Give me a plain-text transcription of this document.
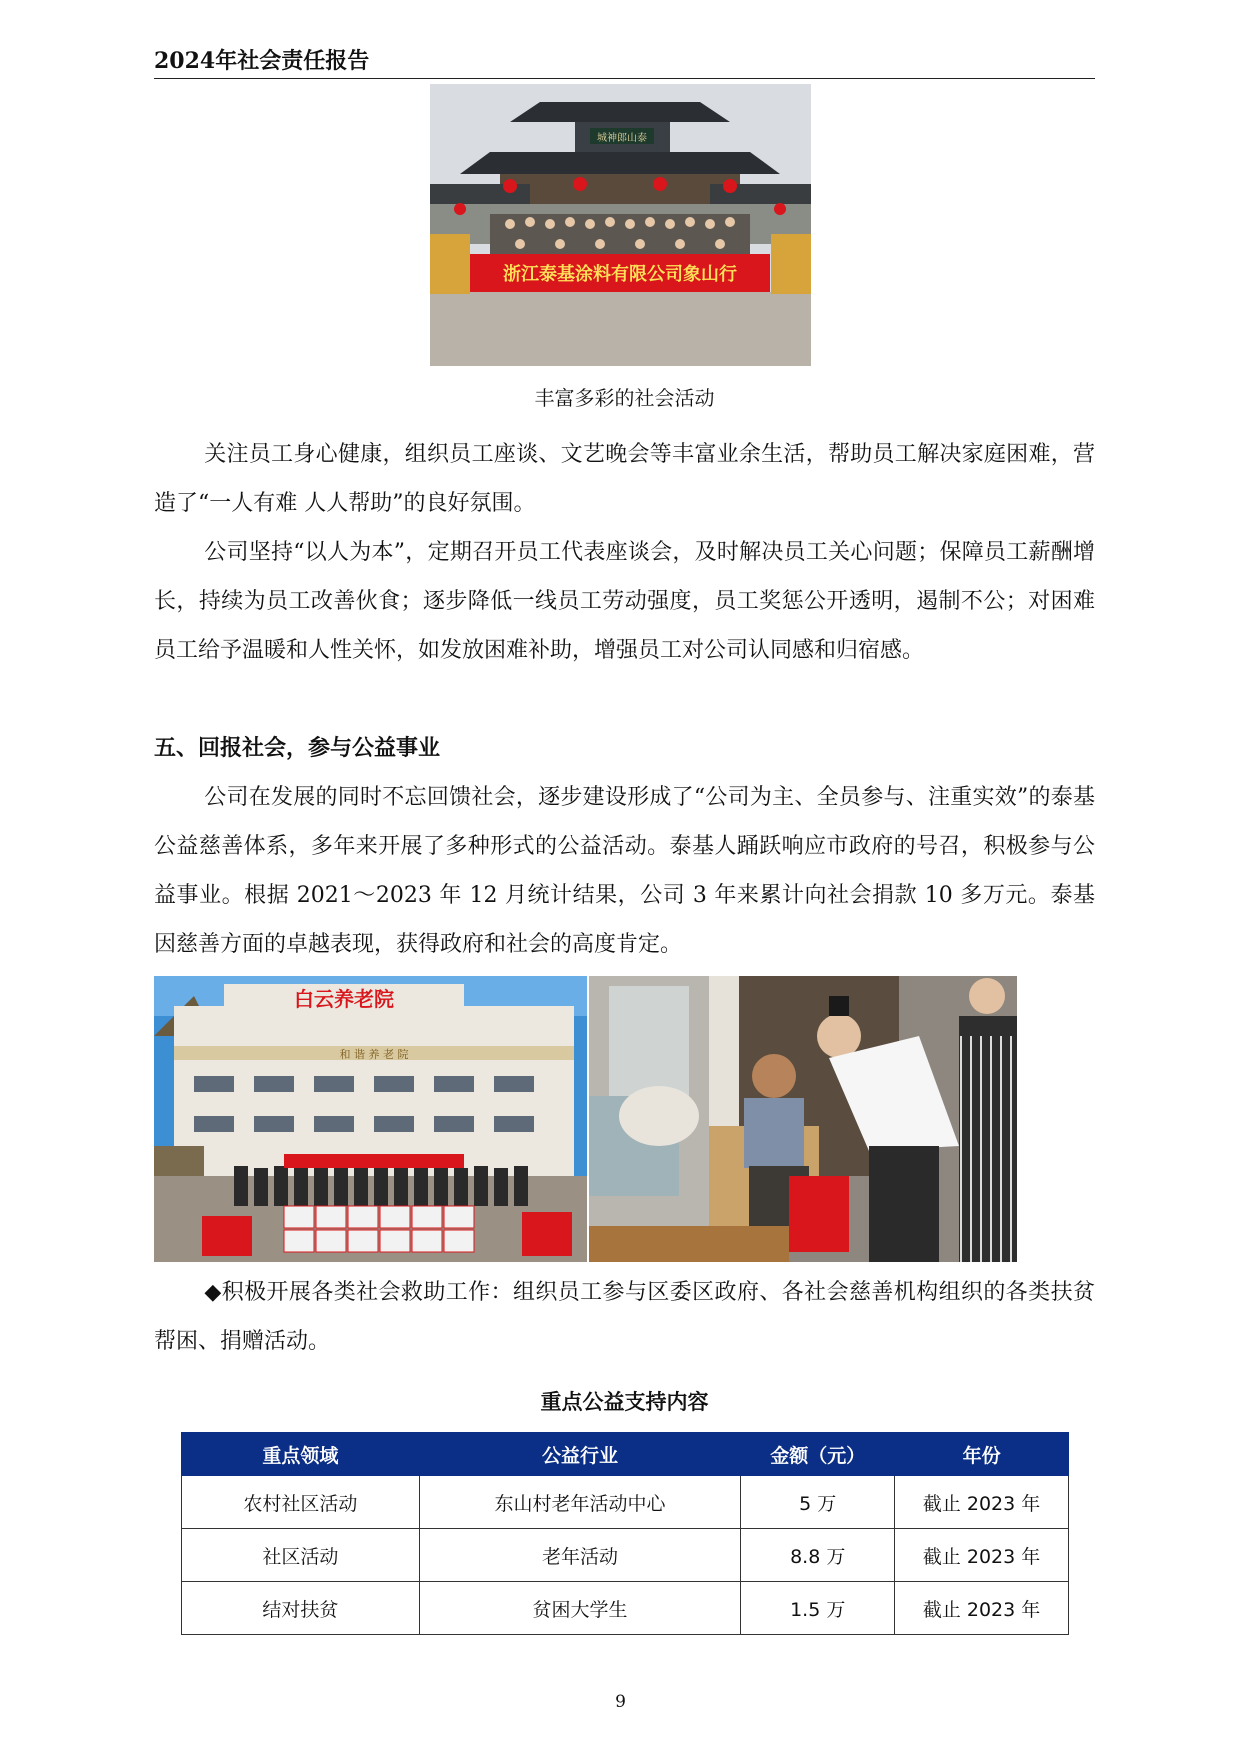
2024年社会责任报告
城神郎山泰
浙江泰基涂料有限公司象山行
丰富多彩的社会活动

关注员工身心健康，组织员工座谈、文艺晚会等丰富业余生活，帮助员工解决家庭困难，营造了“一人有难 人人帮助”的良好氛围。

公司坚持“以人为本”，定期召开员工代表座谈会，及时解决员工关心问题；保障员工薪酬增长，持续为员工改善伙食；逐步降低一线员工劳动强度，员工奖惩公开透明，遏制不公；对困难员工给予温暖和人性关怀，如发放困难补助，增强员工对公司认同感和归宿感。

五、回报社会，参与公益事业

公司在发展的同时不忘回馈社会，逐步建设形成了“公司为主、全员参与、注重实效”的泰基公益慈善体系，多年来开展了多种形式的公益活动。泰基人踊跃响应市政府的号召，积极参与公益事业。根据 2021～2023 年 12 月统计结果，公司 3 年来累计向社会捐款 10 多万元。泰基因慈善方面的卓越表现，获得政府和社会的高度肯定。

白云养老院
和 谐 养 老 院

◆积极开展各类社会救助工作：组织员工参与区委区政府、各社会慈善机构组织的各类扶贫帮困、捐赠活动。

重点公益支持内容
重点领域	公益行业	金额（元）	年份
农村社区活动	东山村老年活动中心	5 万	截止 2023 年
社区活动	老年活动	8.8 万	截止 2023 年
结对扶贫	贫困大学生	1.5 万	截止 2023 年
9
